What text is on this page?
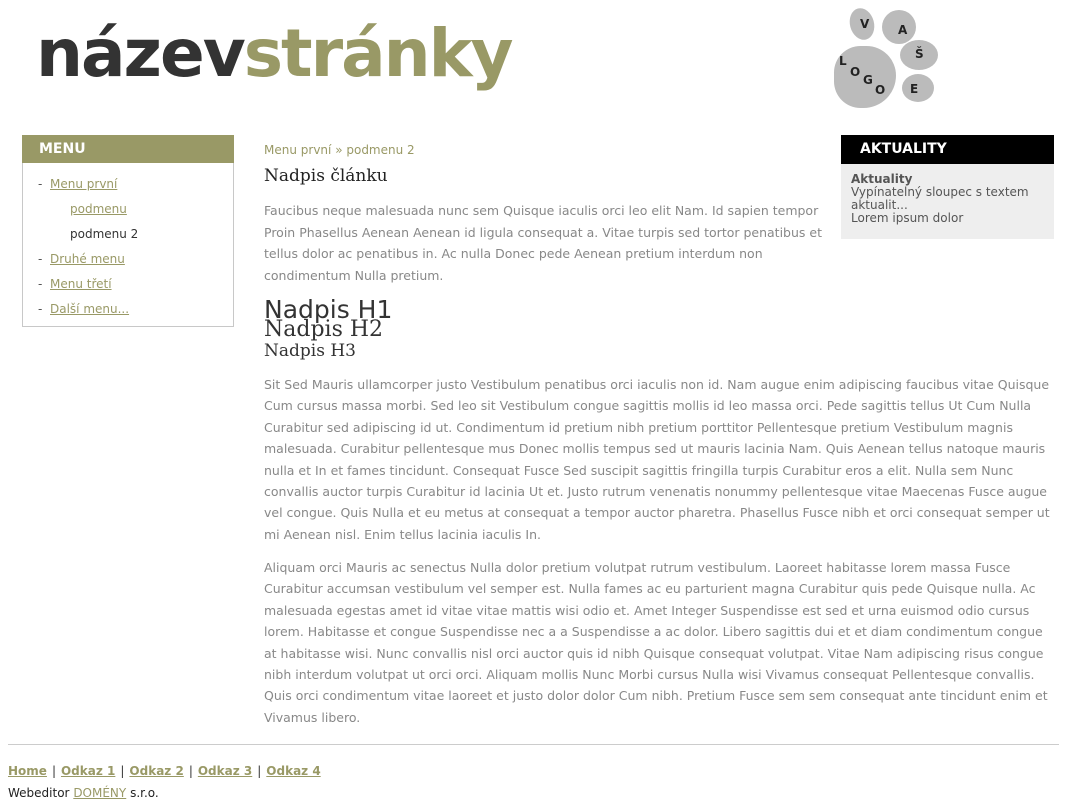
názevstránky	V A
Š
L
O
G
O E
MENU
- Menu první
podmenu
podmenu 2
- Druhé menu
- Menu třetí
- Další menu...
Menu první » podmenu 2
Nadpis článku

Faucibus neque malesuada nunc sem Quisque iaculis orci leo elit Nam. Id sapien tempor Proin Phasellus Aenean Aenean id ligula consequat a. Vitae turpis sed tortor penatibus et tellus dolor ac penatibus in. Ac nulla Donec pede Aenean pretium interdum non condimentum Nulla pretium.

Nadpis H1
Nadpis H2
Nadpis H3

Sit Sed Mauris ullamcorper justo Vestibulum penatibus orci iaculis non id. Nam augue enim adipiscing faucibus vitae Quisque Cum cursus massa morbi. Sed leo sit Vestibulum congue sagittis mollis id leo massa orci. Pede sagittis tellus Ut Cum Nulla Curabitur sed adipiscing id ut. Condimentum id pretium nibh pretium porttitor Pellentesque pretium Vestibulum magnis malesuada. Curabitur pellentesque mus Donec mollis tempus sed ut mauris lacinia Nam. Quis Aenean tellus natoque mauris nulla et In et fames tincidunt. Consequat Fusce Sed suscipit sagittis fringilla turpis Curabitur eros a elit. Nulla sem Nunc convallis auctor turpis Curabitur id lacinia Ut et. Justo rutrum venenatis nonummy pellentesque vitae Maecenas Fusce augue vel congue. Quis Nulla et eu metus at consequat a tempor auctor pharetra. Phasellus Fusce nibh et orci consequat semper ut mi Aenean nisl. Enim tellus lacinia iaculis In.

Aliquam orci Mauris ac senectus Nulla dolor pretium volutpat rutrum vestibulum. Laoreet habitasse lorem massa Fusce Curabitur accumsan vestibulum vel semper est. Nulla fames ac eu parturient magna Curabitur quis pede Quisque nulla. Ac malesuada egestas amet id vitae vitae mattis wisi odio et. Amet Integer Suspendisse est sed et urna euismod odio cursus lorem. Habitasse et congue Suspendisse nec a a Suspendisse a ac dolor. Libero sagittis dui et et diam condimentum congue at habitasse wisi. Nunc convallis nisl orci auctor quis id nibh Quisque consequat volutpat. Vitae Nam adipiscing risus congue nibh interdum volutpat ut orci orci. Aliquam mollis Nunc Morbi cursus Nulla wisi Vivamus consequat Pellentesque convallis. Quis orci condimentum vitae laoreet et justo dolor dolor Cum nibh. Pretium Fusce sem sem consequat ante tincidunt enim et Vivamus libero.

AKTUALITY
Aktuality
Vypínatelný sloupec s textem aktualit...
Lorem ipsum dolor
Home | Odkaz 1 | Odkaz 2 | Odkaz 3 | Odkaz 4
Webeditor DOMÉNY s.r.o.
